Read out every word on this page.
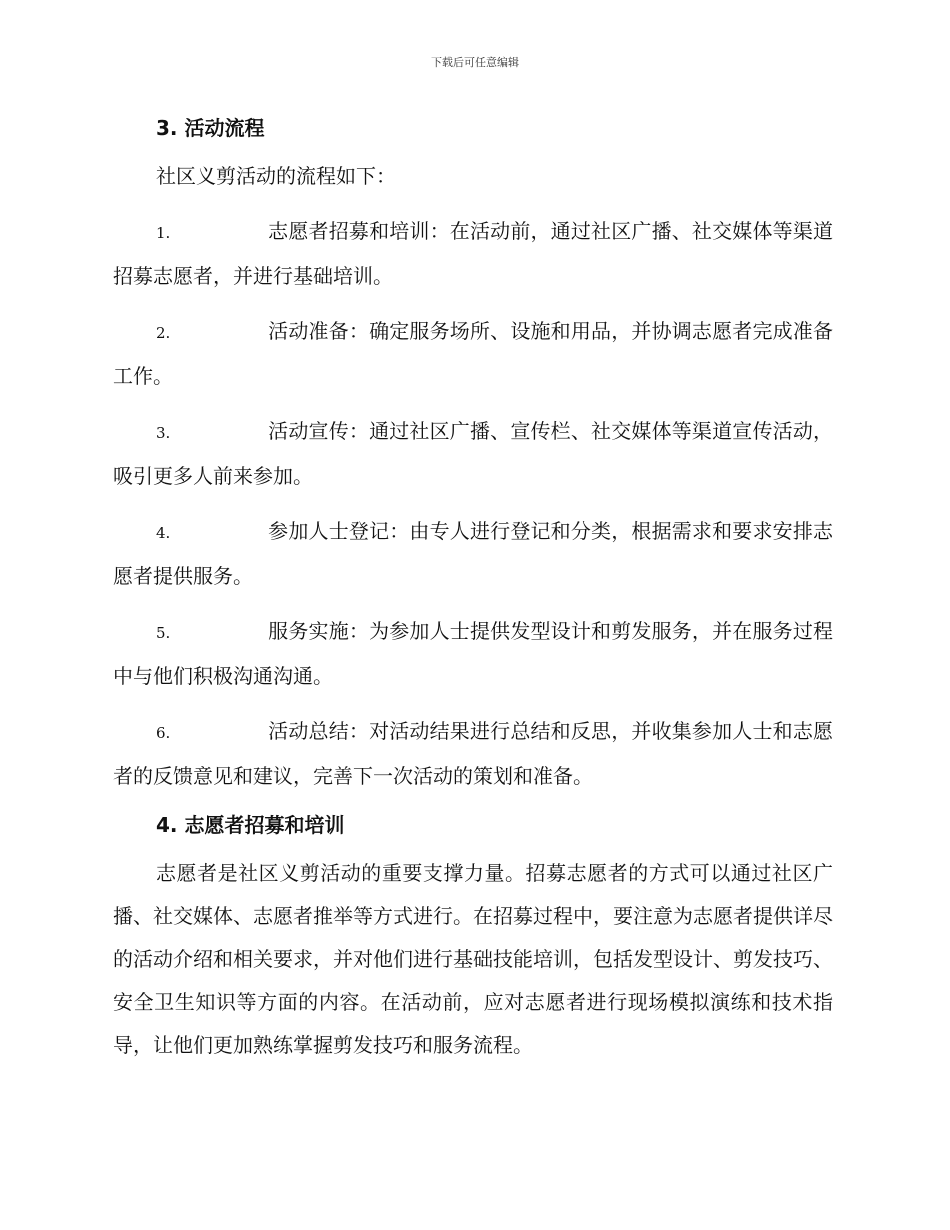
下载后可任意编辑
3. 活动流程

社区义剪活动的流程如下：

1.	志愿者招募和培训：在活动前，通过社区广播、社交媒体等渠道招募志愿者，并进行基础培训。

2.	活动准备：确定服务场所、设施和用品，并协调志愿者完成准备工作。

3.	活动宣传：通过社区广播、宣传栏、社交媒体等渠道宣传活动，吸引更多人前来参加。

4.	参加人士登记：由专人进行登记和分类，根据需求和要求安排志愿者提供服务。

5.	服务实施：为参加人士提供发型设计和剪发服务，并在服务过程中与他们积极沟通沟通。

6.	活动总结：对活动结果进行总结和反思，并收集参加人士和志愿者的反馈意见和建议，完善下一次活动的策划和准备。

4. 志愿者招募和培训

志愿者是社区义剪活动的重要支撑力量。招募志愿者的方式可以通过社区广播、社交媒体、志愿者推举等方式进行。在招募过程中，要注意为志愿者提供详尽的活动介绍和相关要求，并对他们进行基础技能培训，包括发型设计、剪发技巧、安全卫生知识等方面的内容。在活动前，应对志愿者进行现场模拟演练和技术指导，让他们更加熟练掌握剪发技巧和服务流程。
